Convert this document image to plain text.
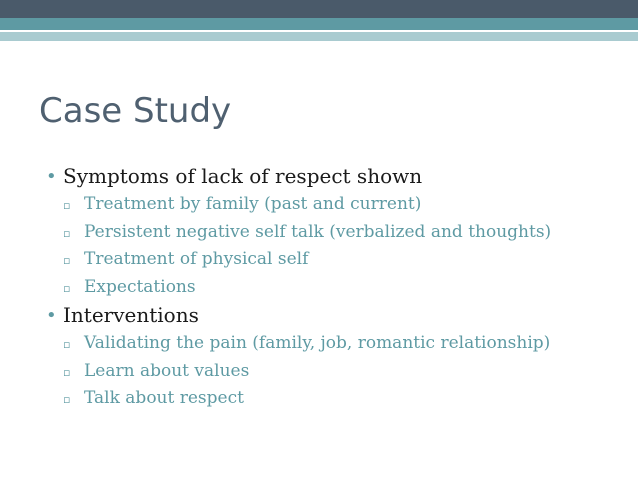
Case Study
• Symptoms of lack of respect shown
▫ Treatment by family (past and current)
▫ Persistent negative self talk (verbalized and thoughts)
▫ Treatment of physical self
▫ Expectations
• Interventions
▫ Validating the pain (family, job, romantic relationship)
▫ Learn about values
▫ Talk about respect
